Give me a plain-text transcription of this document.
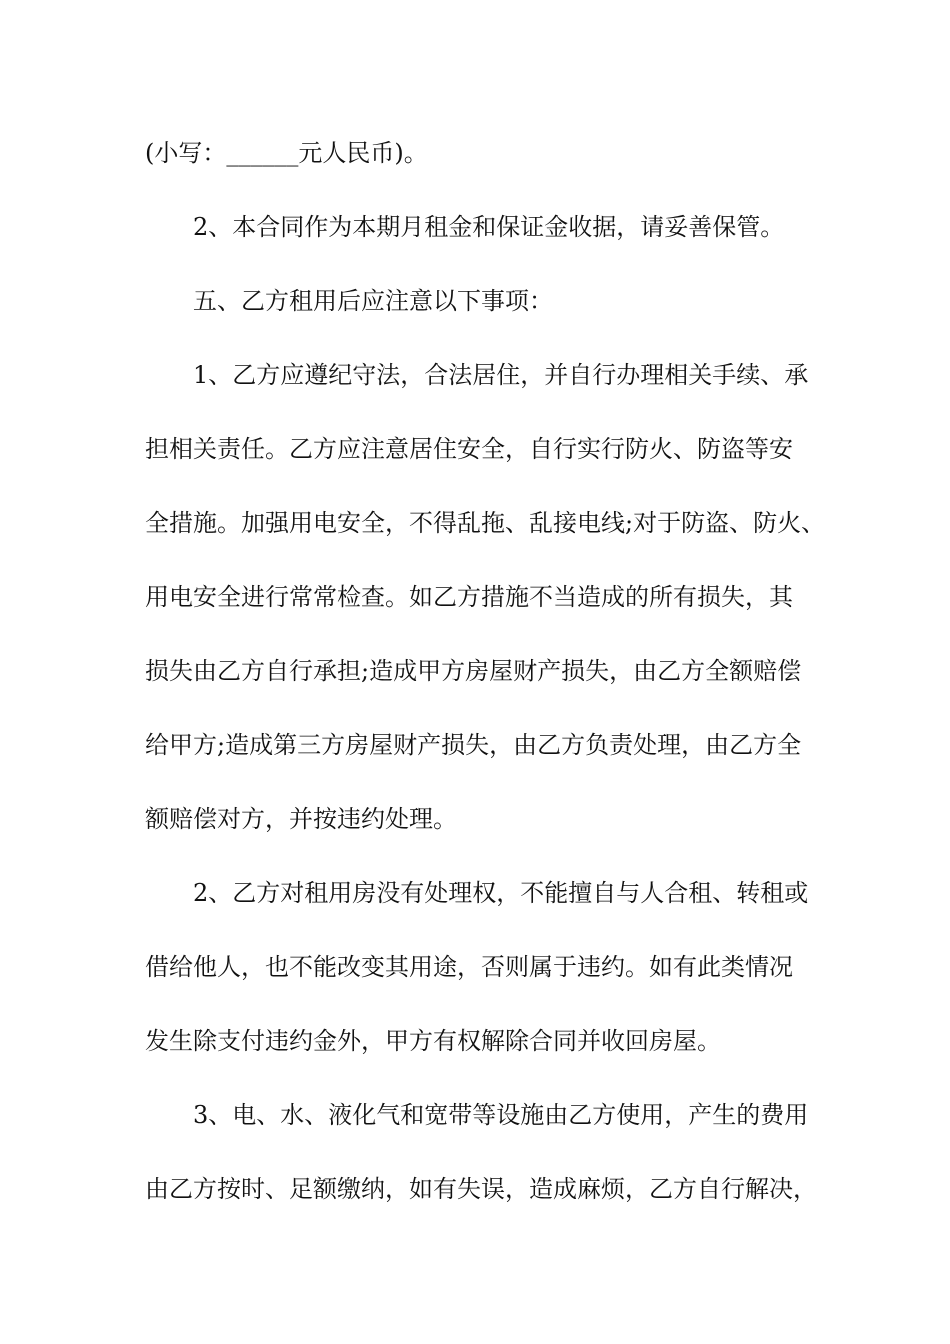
(小写：______元人民币)。
2、本合同作为本期月租金和保证金收据，请妥善保管。
五、乙方租用后应注意以下事项：
1、乙方应遵纪守法，合法居住，并自行办理相关手续、承
担相关责任。乙方应注意居住安全，自行实行防火、防盗等安
全措施。加强用电安全，不得乱拖、乱接电线;对于防盗、防火、
用电安全进行常常检查。如乙方措施不当造成的所有损失，其
损失由乙方自行承担;造成甲方房屋财产损失，由乙方全额赔偿
给甲方;造成第三方房屋财产损失，由乙方负责处理，由乙方全
额赔偿对方，并按违约处理。
2、乙方对租用房没有处理权，不能擅自与人合租、转租或
借给他人，也不能改变其用途，否则属于违约。如有此类情况
发生除支付违约金外，甲方有权解除合同并收回房屋。
3、电、水、液化气和宽带等设施由乙方使用，产生的费用
由乙方按时、足额缴纳，如有失误，造成麻烦，乙方自行解决，
